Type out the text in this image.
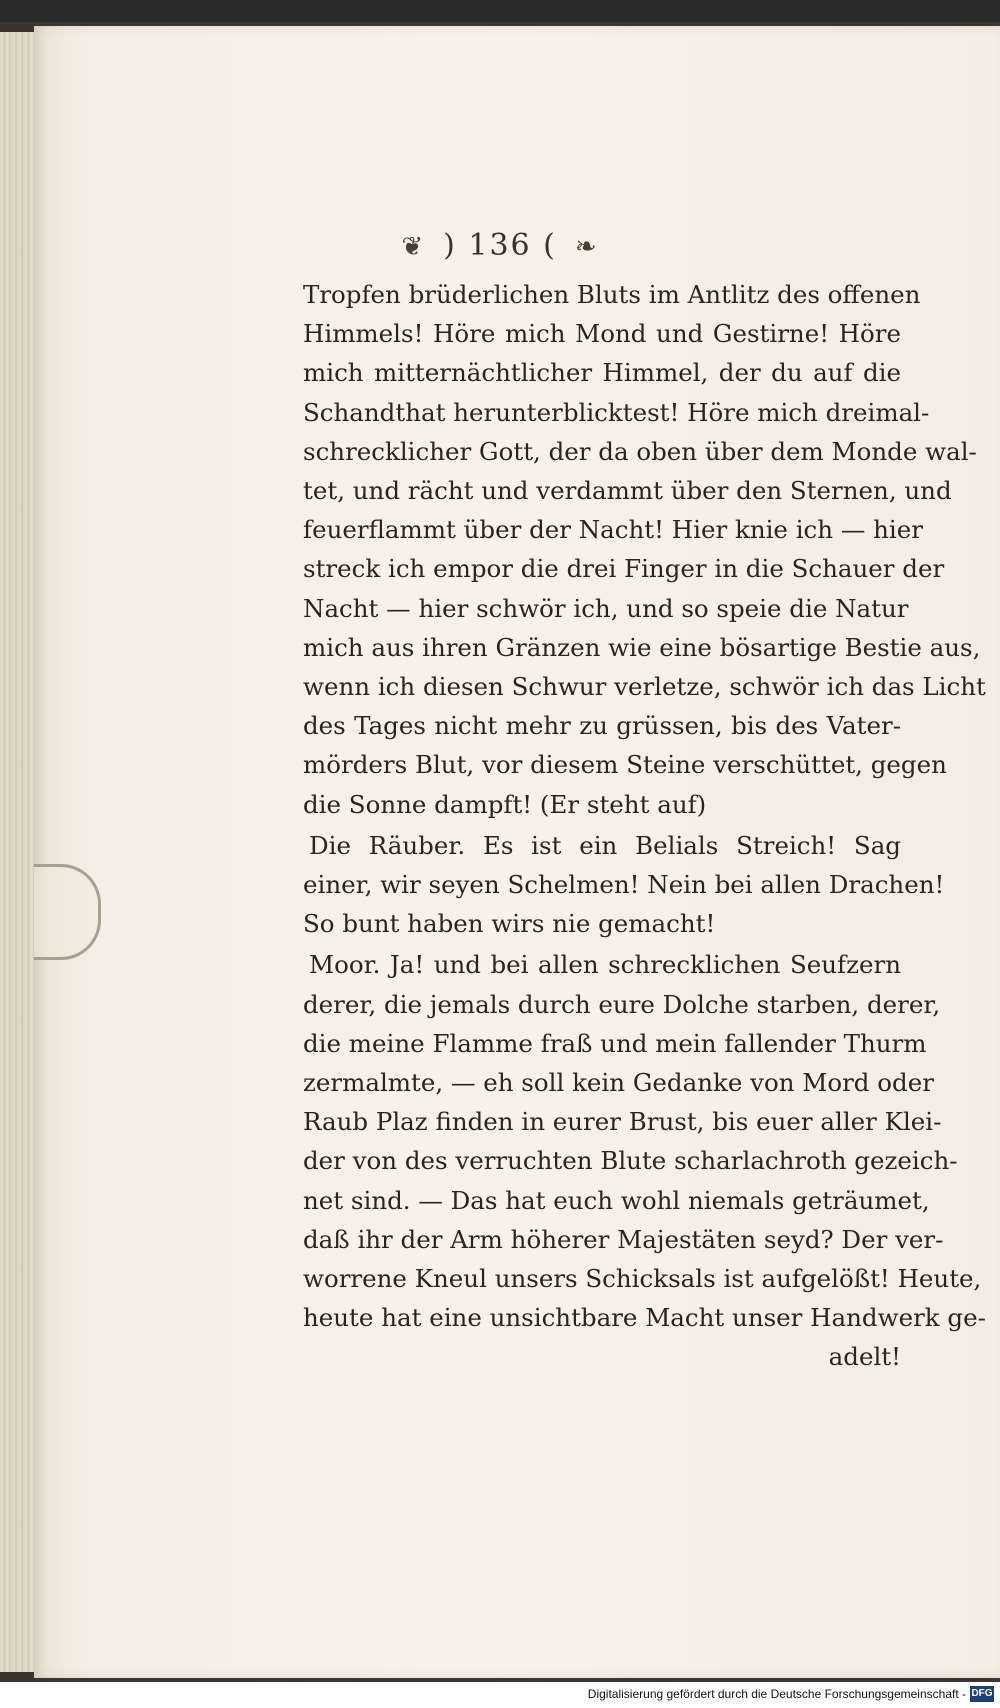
❦ ) 136 ( ❧
Tropfen brüderlichen Bluts im Antlitz des offenen
Himmels! Höre mich Mond und Gestirne! Höre
mich mitternächtlicher Himmel, der du auf die
Schandthat herunterblicktest! Höre mich dreimal-
schrecklicher Gott, der da oben über dem Monde wal-
tet, und rächt und verdammt über den Sternen, und
feuerflammt über der Nacht! Hier knie ich — hier
streck ich empor die drei Finger in die Schauer der
Nacht — hier schwör ich, und so speie die Natur
mich aus ihren Gränzen wie eine bösartige Bestie aus,
wenn ich diesen Schwur verletze, schwör ich das Licht
des Tages nicht mehr zu grüssen, bis des Vater-
mörders Blut, vor diesem Steine verschüttet, gegen
die Sonne dampft! (Er steht auf)
Die Räuber. Es ist ein Belials Streich! Sag
einer, wir seyen Schelmen! Nein bei allen Drachen!
So bunt haben wirs nie gemacht!
Moor. Ja! und bei allen schrecklichen Seufzern
derer, die jemals durch eure Dolche starben, derer,
die meine Flamme fraß und mein fallender Thurm
zermalmte, — eh soll kein Gedanke von Mord oder
Raub Plaz finden in eurer Brust, bis euer aller Klei-
der von des verruchten Blute scharlachroth gezeich-
net sind. — Das hat euch wohl niemals geträumet,
daß ihr der Arm höherer Majestäten seyd? Der ver-
worrene Kneul unsers Schicksals ist aufgelößt! Heute,
heute hat eine unsichtbare Macht unser Handwerk ge-
adelt!
Digitalisierung gefördert durch die Deutsche Forschungsgemeinschaft - DFG
